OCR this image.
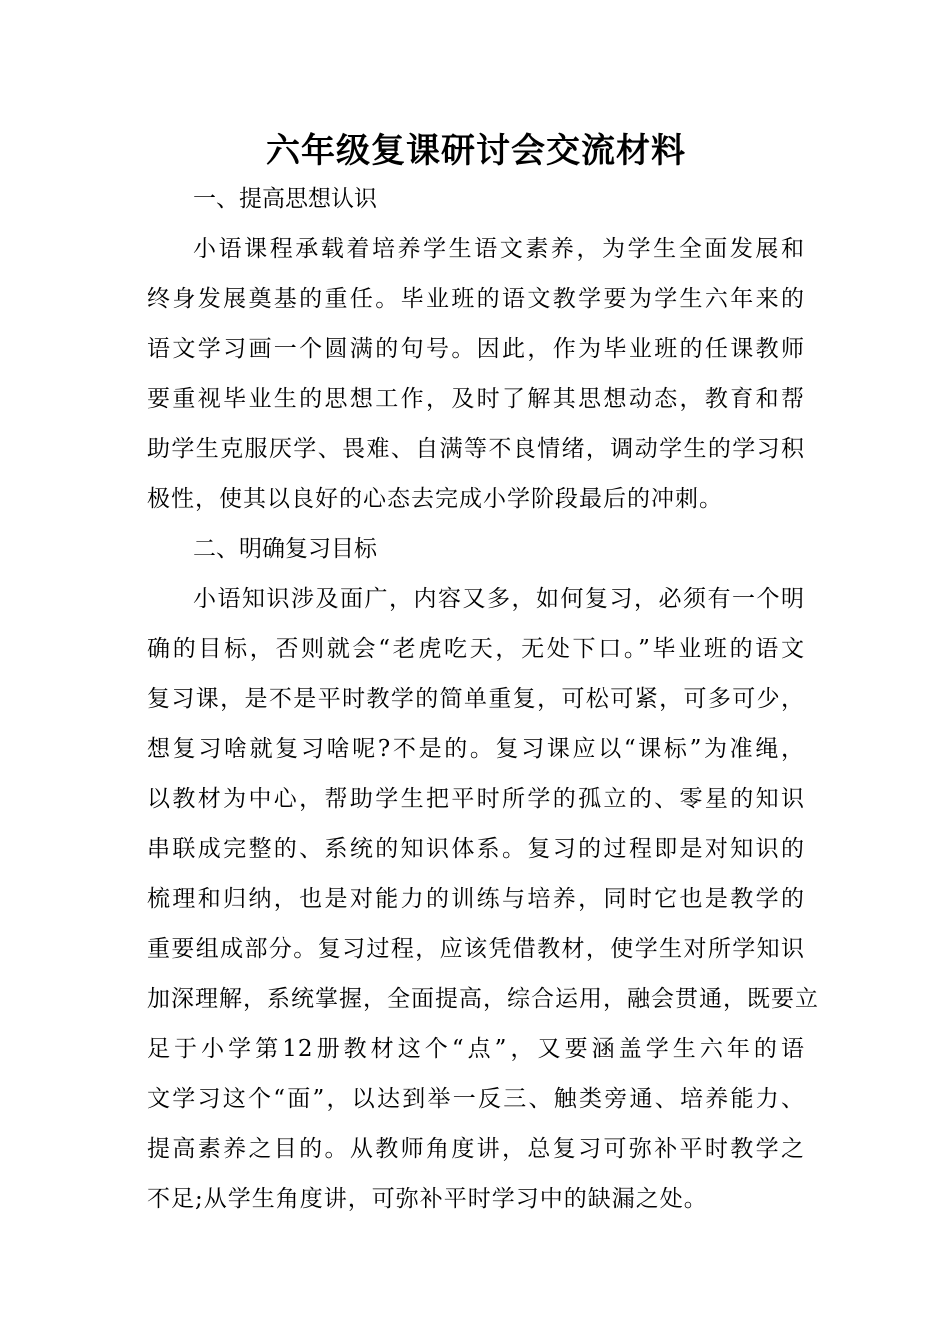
六年级复课研讨会交流材料

一、提高思想认识

小语课程承载着培养学生语文素养，为学生全面发展和
终身发展奠基的重任。毕业班的语文教学要为学生六年来的
语文学习画一个圆满的句号。因此，作为毕业班的任课教师
要重视毕业生的思想工作，及时了解其思想动态，教育和帮
助学生克服厌学、畏难、自满等不良情绪，调动学生的学习积
极性，使其以良好的心态去完成小学阶段最后的冲刺。

二、明确复习目标

小语知识涉及面广，内容又多，如何复习，必须有一个明
确的目标，否则就会“老虎吃天，无处下口。”毕业班的语文
复习课，是不是平时教学的简单重复，可松可紧，可多可少，
想复习啥就复习啥呢?不是的。复习课应以“课标”为准绳，
以教材为中心，帮助学生把平时所学的孤立的、零星的知识
串联成完整的、系统的知识体系。复习的过程即是对知识的
梳理和归纳，也是对能力的训练与培养，同时它也是教学的
重要组成部分。复习过程，应该凭借教材，使学生对所学知识
加深理解，系统掌握，全面提高，综合运用，融会贯通，既要立
足于小学第12册教材这个“点”，又要涵盖学生六年的语
文学习这个“面”，以达到举一反三、触类旁通、培养能力、
提高素养之目的。从教师角度讲，总复习可弥补平时教学之
不足;从学生角度讲，可弥补平时学习中的缺漏之处。
